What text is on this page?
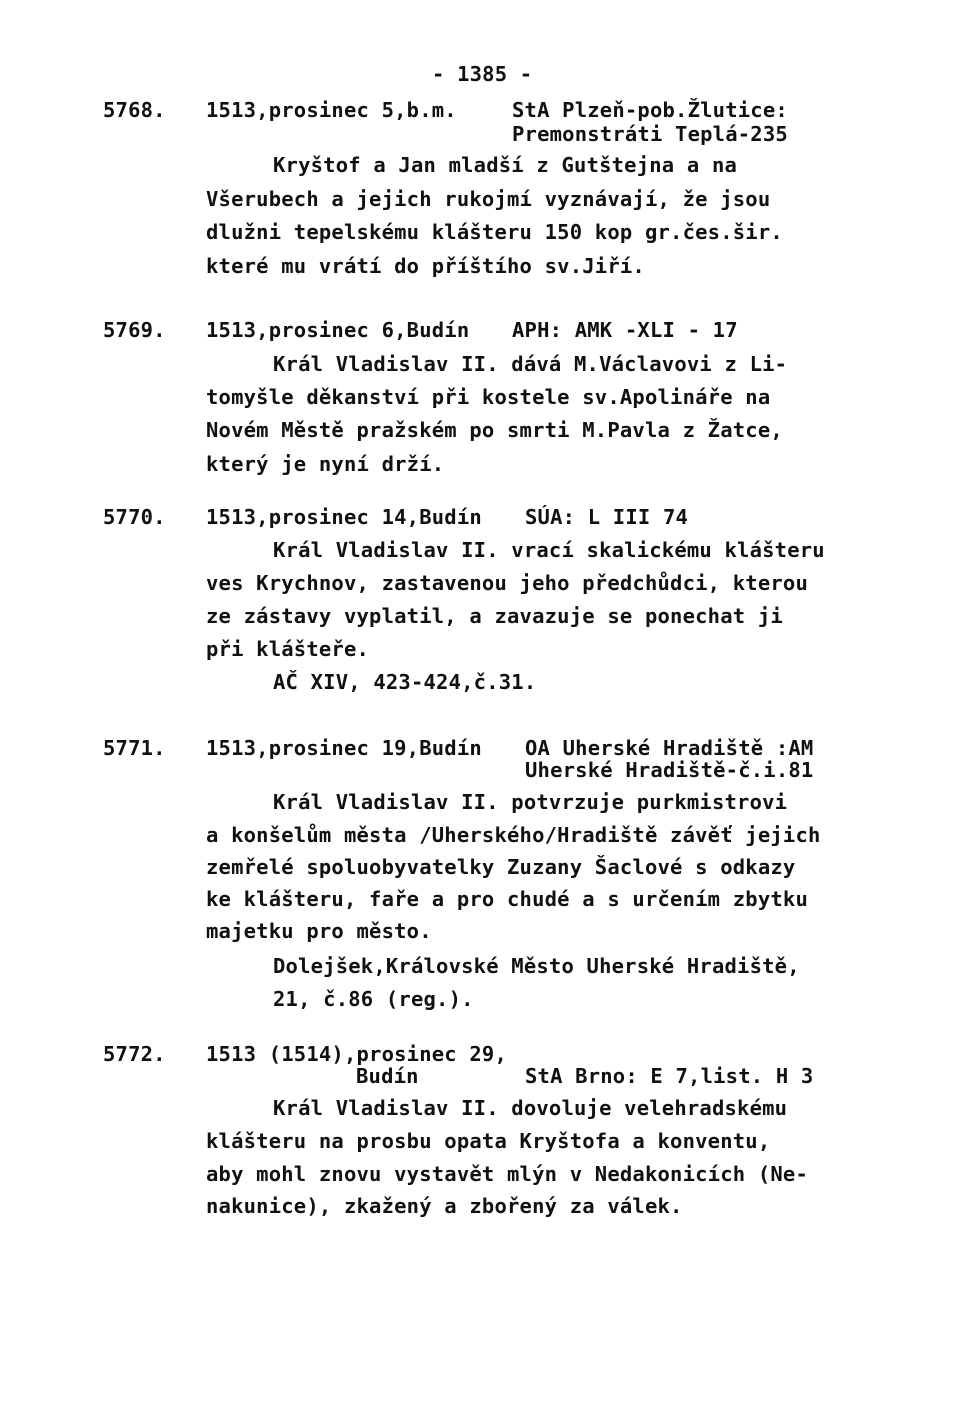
- 1385 -
5768. 1513,prosinec 5,b.m.	StA Plzeň-pob.Žlutice:
Premonstráti Teplá-235
Kryštof a Jan mladší z Gutštejna a na
Všerubech a jejich rukojmí vyznávají, že jsou
dlužni tepelskému klášteru 150 kop gr.čes.šir.
které mu vrátí do příštího sv.Jiří.
5769. 1513,prosinec 6,Budín APH: AMK -XLI - 17
Král Vladislav II. dává M.Václavovi z Li-
tomyšle děkanství při kostele sv.Apolináře na
Novém Městě pražském po smrti M.Pavla z Žatce,
který je nyní drží.
5770. 1513,prosinec 14,Budín SÚA: L III 74
Král Vladislav II. vrací skalickému klášteru
ves Krychnov, zastavenou jeho předchůdci, kterou
ze zástavy vyplatil, a zavazuje se ponechat ji
při klášteře.
AČ XIV, 423-424,č.31.
5771. 1513,prosinec 19,Budín OA Uherské Hradiště :AM
Uherské Hradiště-č.i.81
Král Vladislav II. potvrzuje purkmistrovi
a konšelům města /Uherského/Hradiště závěť jejich
zemřelé spoluobyvatelky Zuzany Šaclové s odkazy
ke klášteru, faře a pro chudé a s určením zbytku
majetku pro město.
Dolejšek,Královské Město Uherské Hradiště,
21, č.86 (reg.).
5772. 1513 (1514),prosinec 29,
Budín	StA Brno: E 7,list. H 3
Král Vladislav II. dovoluje velehradskému
klášteru na prosbu opata Kryštofa a konventu,
aby mohl znovu vystavět mlýn v Nedakonicích (Ne-
nakunice), zkažený a zbořený za válek.
